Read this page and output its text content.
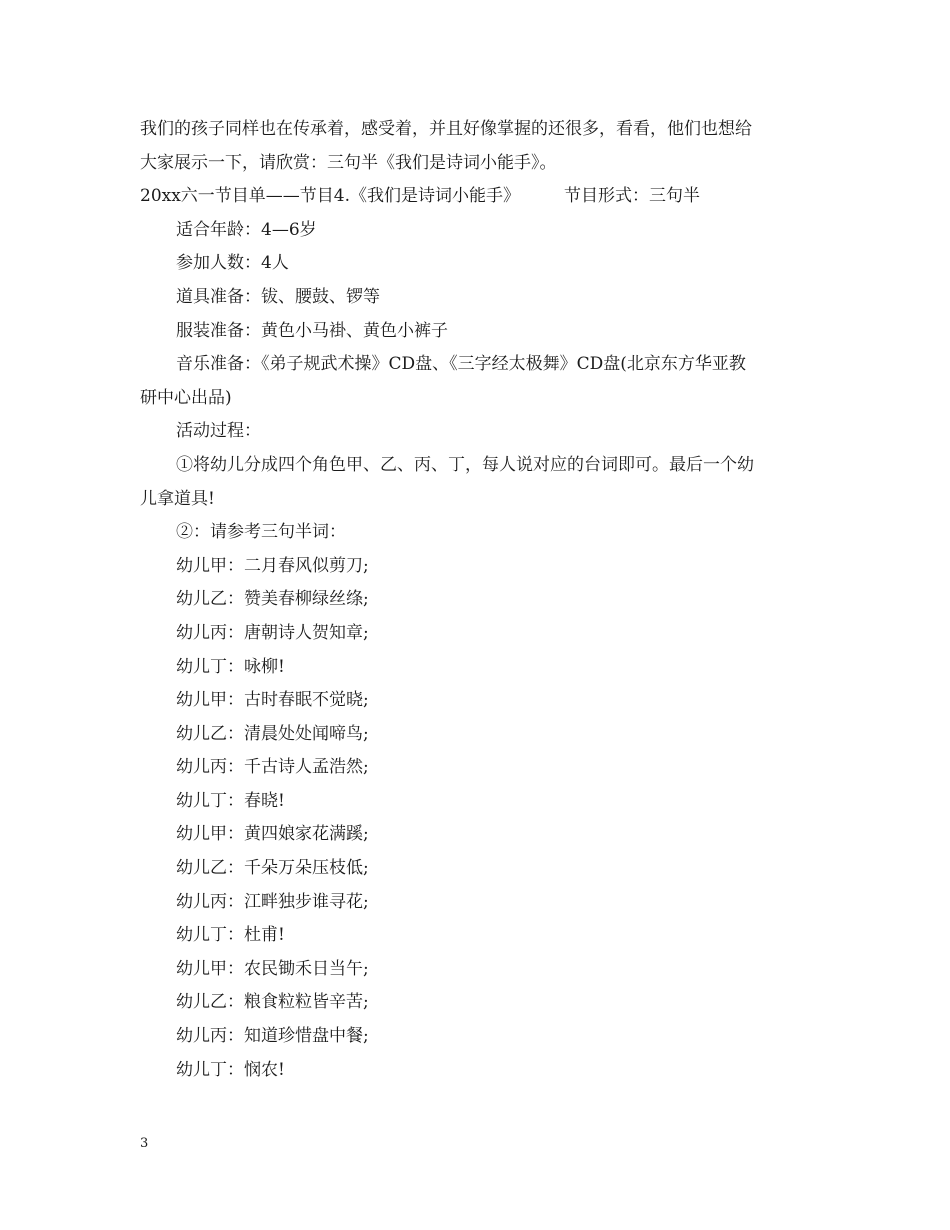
我们的孩子同样也在传承着，感受着，并且好像掌握的还很多，看看，他们也想给
大家展示一下，请欣赏：三句半《我们是诗词小能手》。
20xx六一节目单——节目4.《我们是诗词小能手》	节目形式：三句半
适合年龄：4—6岁
参加人数：4人
道具准备：钹、腰鼓、锣等
服装准备：黄色小马褂、黄色小裤子
音乐准备：《弟子规武术操》CD盘、《三字经太极舞》CD盘(北京东方华亚教
研中心出品)
活动过程：
①将幼儿分成四个角色甲、乙、丙、丁，每人说对应的台词即可。最后一个幼
儿拿道具!
②：请参考三句半词：
幼儿甲：二月春风似剪刀;
幼儿乙：赞美春柳绿丝绦;
幼儿丙：唐朝诗人贺知章;
幼儿丁：咏柳!
幼儿甲：古时春眠不觉晓;
幼儿乙：清晨处处闻啼鸟;
幼儿丙：千古诗人孟浩然;
幼儿丁：春晓!
幼儿甲：黄四娘家花满蹊;
幼儿乙：千朵万朵压枝低;
幼儿丙：江畔独步谁寻花;
幼儿丁：杜甫!
幼儿甲：农民锄禾日当午;
幼儿乙：粮食粒粒皆辛苦;
幼儿丙：知道珍惜盘中餐;
幼儿丁：悯农!
3
